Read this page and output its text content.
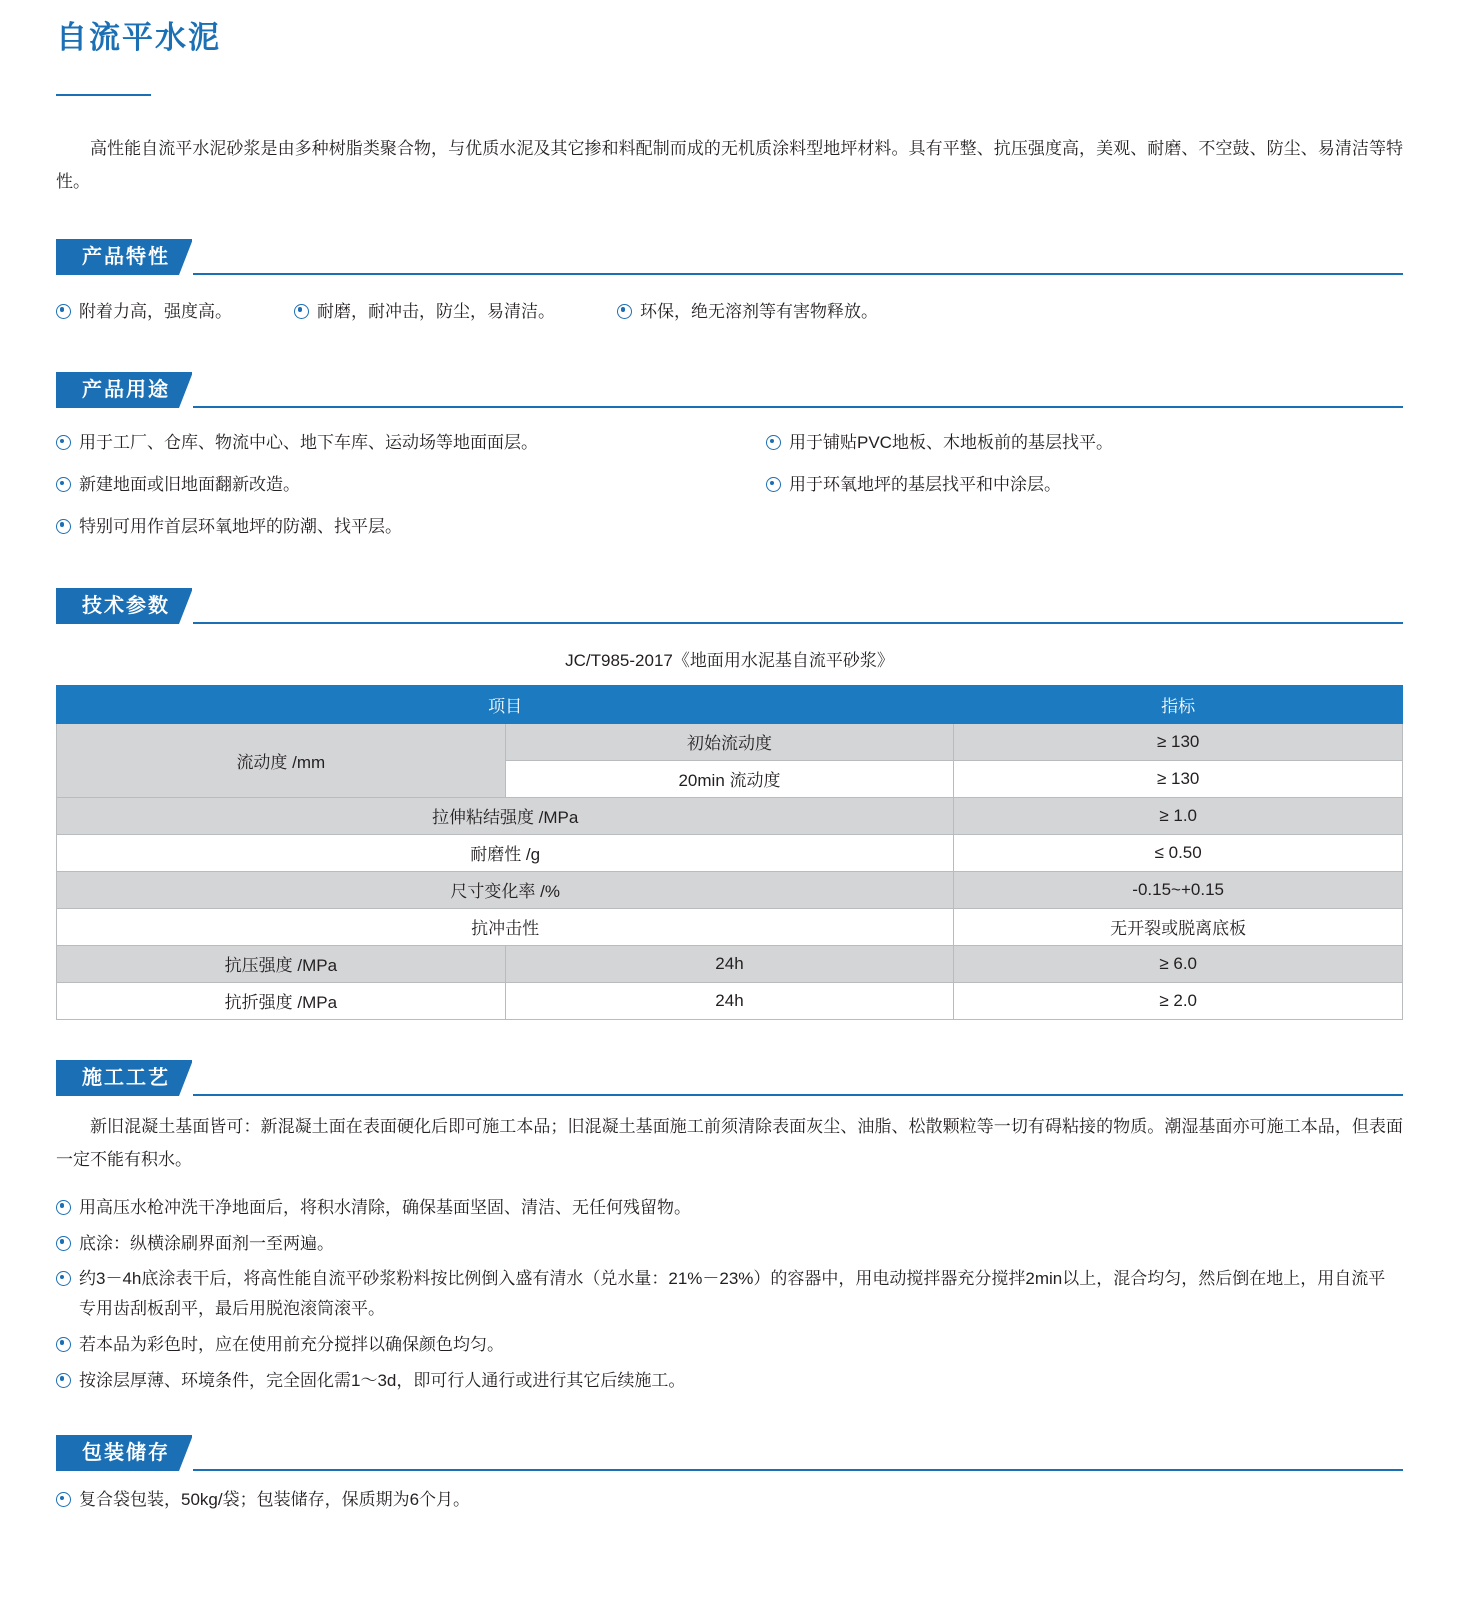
自流平水泥

高性能自流平水泥砂浆是由多种树脂类聚合物，与优质水泥及其它掺和料配制而成的无机质涂料型地坪材料。具有平整、抗压强度高，美观、耐磨、不空鼓、防尘、易清洁等特性。

产品特性
附着力高，强度高。	耐磨，耐冲击，防尘，易清洁。	环保，绝无溶剂等有害物释放。
产品用途
用于工厂、仓库、物流中心、地下车库、运动场等地面面层。	用于铺贴PVC地板、木地板前的基层找平。
新建地面或旧地面翻新改造。	用于环氧地坪的基层找平和中涂层。
特别可用作首层环氧地坪的防潮、找平层。
技术参数
JC/T985-2017《地面用水泥基自流平砂浆》
项目		指标
流动度 /mm	初始流动度	≥ 130
	20min 流动度	≥ 130
拉伸粘结强度 /MPa		≥ 1.0
耐磨性 /g		≤ 0.50
尺寸变化率 /%		-0.15~+0.15
抗冲击性		无开裂或脱离底板
抗压强度 /MPa	24h	≥ 6.0
抗折强度 /MPa	24h	≥ 2.0
施工工艺

新旧混凝土基面皆可：新混凝土面在表面硬化后即可施工本品；旧混凝土基面施工前须清除表面灰尘、油脂、松散颗粒等一切有碍粘接的物质。潮湿基面亦可施工本品，但表面一定不能有积水。

用高压水枪冲洗干净地面后，将积水清除，确保基面坚固、清洁、无任何残留物。
底涂：纵横涂刷界面剂一至两遍。
约3－4h底涂表干后，将高性能自流平砂浆粉料按比例倒入盛有清水（兑水量：21%－23%）的容器中，用电动搅拌器充分搅拌2min以上，混合均匀，然后倒在地上，用自流平专用齿刮板刮平，最后用脱泡滚筒滚平。
若本品为彩色时，应在使用前充分搅拌以确保颜色均匀。
按涂层厚薄、环境条件，完全固化需1～3d，即可行人通行或进行其它后续施工。
包装储存
复合袋包装，50kg/袋；包装储存，保质期为6个月。
